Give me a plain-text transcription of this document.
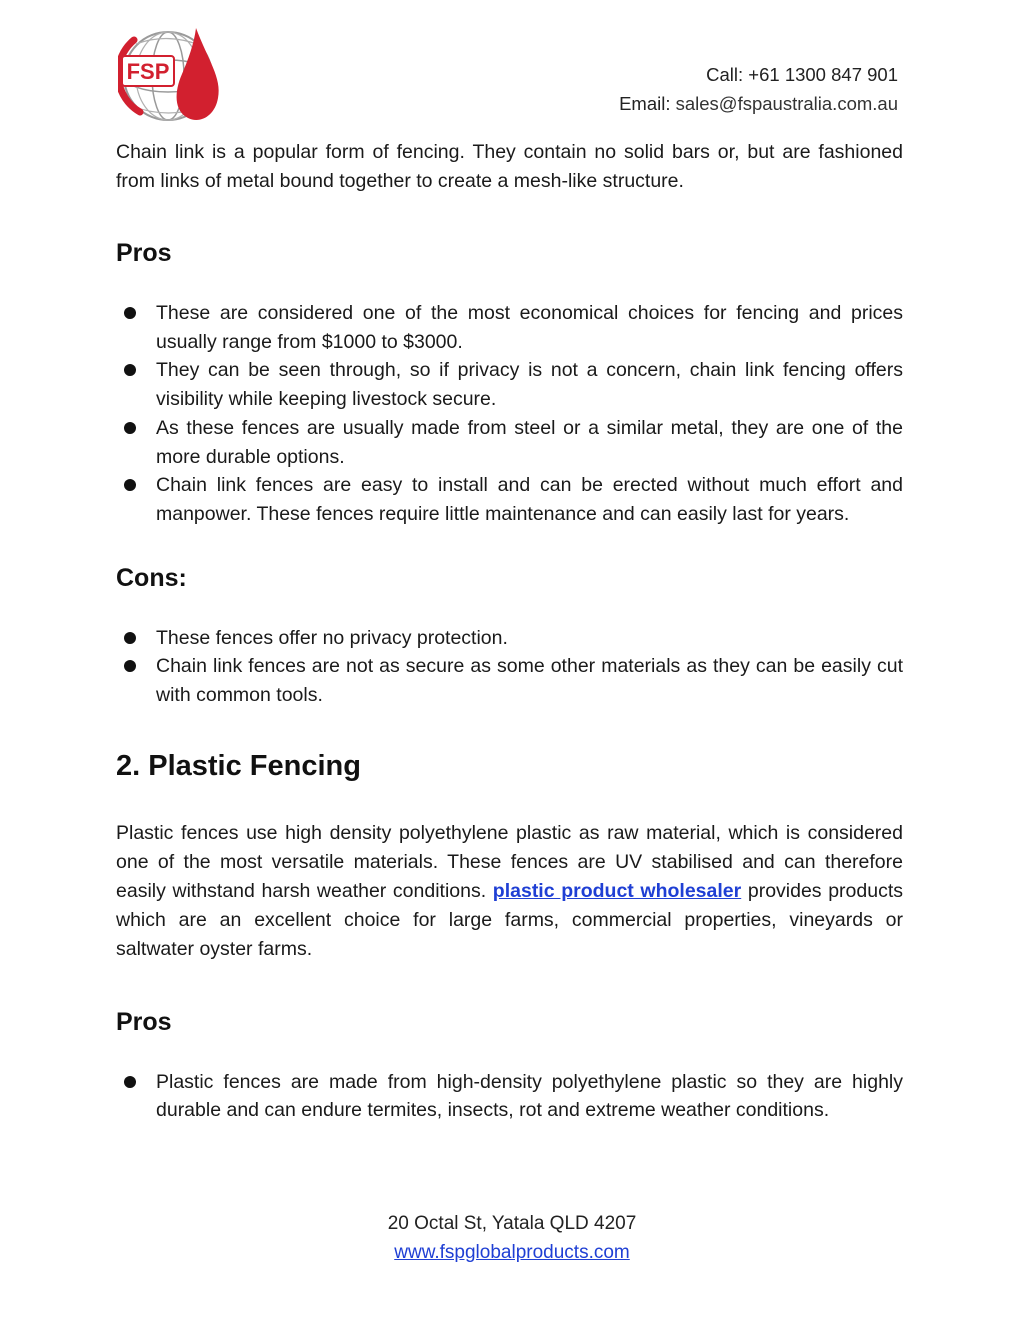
FSP	Call: +61 1300 847 901
Email: sales@fspaustralia.com.au

Chain link is a popular form of fencing. They contain no solid bars or, but are fashioned from links of metal bound together to create a mesh-like structure.

Pros
These are considered one of the most economical choices for fencing and prices usually range from $1000 to $3000.
They can be seen through, so if privacy is not a concern, chain link fencing offers visibility while keeping livestock secure.
As these fences are usually made from steel or a similar metal, they are one of the more durable options.
Chain link fences are easy to install and can be erected without much effort and manpower. These fences require little maintenance and can easily last for years.
Cons:
These fences offer no privacy protection.
Chain link fences are not as secure as some other materials as they can be easily cut with common tools.
2. Plastic Fencing

Plastic fences use high density polyethylene plastic as raw material, which is considered one of the most versatile materials. These fences are UV stabilised and can therefore easily withstand harsh weather conditions. plastic product wholesaler provides products which are an excellent choice for large farms, commercial properties, vineyards or saltwater oyster farms.

Pros
Plastic fences are made from high-density polyethylene plastic so they are highly durable and can endure termites, insects, rot and extreme weather conditions.
20 Octal St, Yatala QLD 4207
www.fspglobalproducts.com
